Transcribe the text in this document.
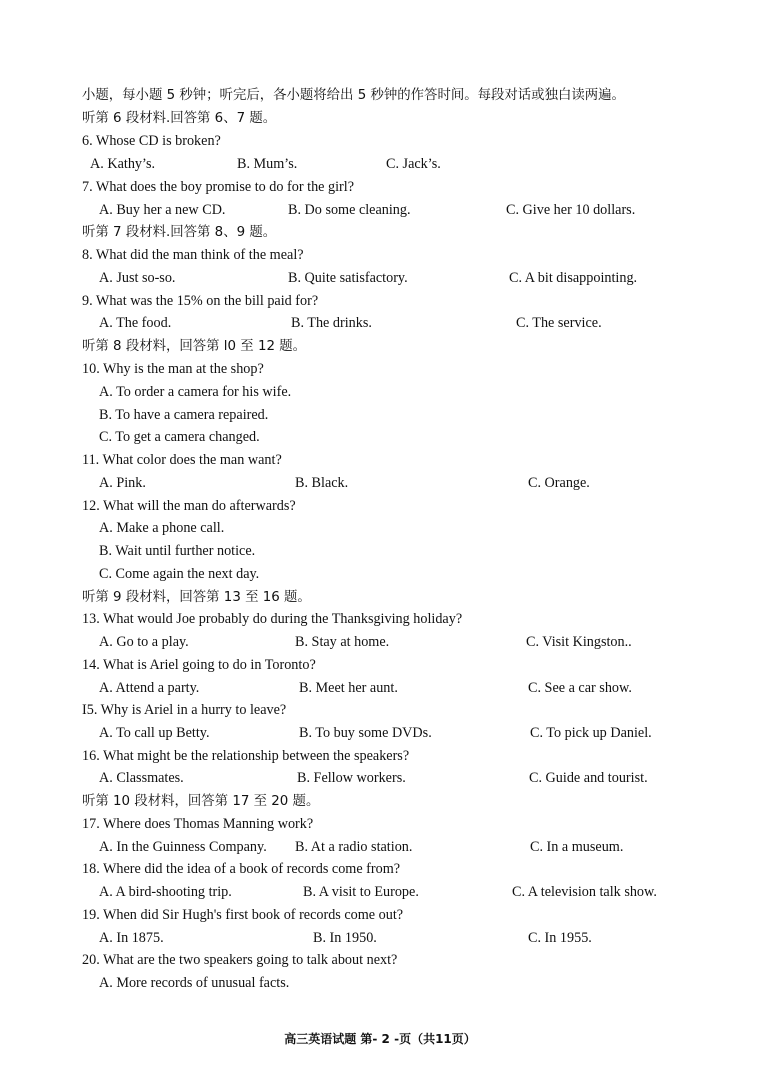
小题，每小题 5 秒钟；听完后，各小题将给出 5 秒钟的作答时间。每段对话或独白读两遍。
听第 6 段材料.回答第 6、7 题。
6. Whose CD is broken?
A. Kathy’s.	B. Mum’s.	C. Jack’s.
7. What does the boy promise to do for the girl?
A. Buy her a new CD.	B. Do some cleaning.	C. Give her 10 dollars.
听第 7 段材料.回答第 8、9 题。
8. What did the man think of the meal?
A. Just so-so.	B. Quite satisfactory.	C. A bit disappointing.
9. What was the 15% on the bill paid for?
A. The food.	B. The drinks.	C. The service.
听第 8 段材料，回答第 l0 至 12 题。
10. Why is the man at the shop?
A. To order a camera for his wife.
B. To have a camera repaired.
C. To get a camera changed.
11. What color does the man want?
A. Pink.	B. Black.	C. Orange.
12. What will the man do afterwards?
A. Make a phone call.
B. Wait until further notice.
C. Come again the next day.
听第 9 段材料，回答第 13 至 16 题。
13. What would Joe probably do during the Thanksgiving holiday?
A. Go to a play.	B. Stay at home.	C. Visit Kingston..
14. What is Ariel going to do in Toronto?
A. Attend a party.	B. Meet her aunt.	C. See a car show.
I5. Why is Ariel in a hurry to leave?
A. To call up Betty.	B. To buy some DVDs.	C. To pick up Daniel.
16. What might be the relationship between the speakers?
A. Classmates.	B. Fellow workers.	C. Guide and tourist.
听第 10 段材料，回答第 17 至 20 题。
17. Where does Thomas Manning work?
A. In the Guinness Company. B. At a radio station.	C. In a museum.
18. Where did the idea of a book of records come from?
A. A bird-shooting trip.	B. A visit to Europe.	C. A television talk show.
19. When did Sir Hugh's first book of records come out?
A. In 1875.	B. In 1950.	C. In 1955.
20. What are the two speakers going to talk about next?
A. More records of unusual facts.
高三英语试题 第- 2 -页（共11页）
